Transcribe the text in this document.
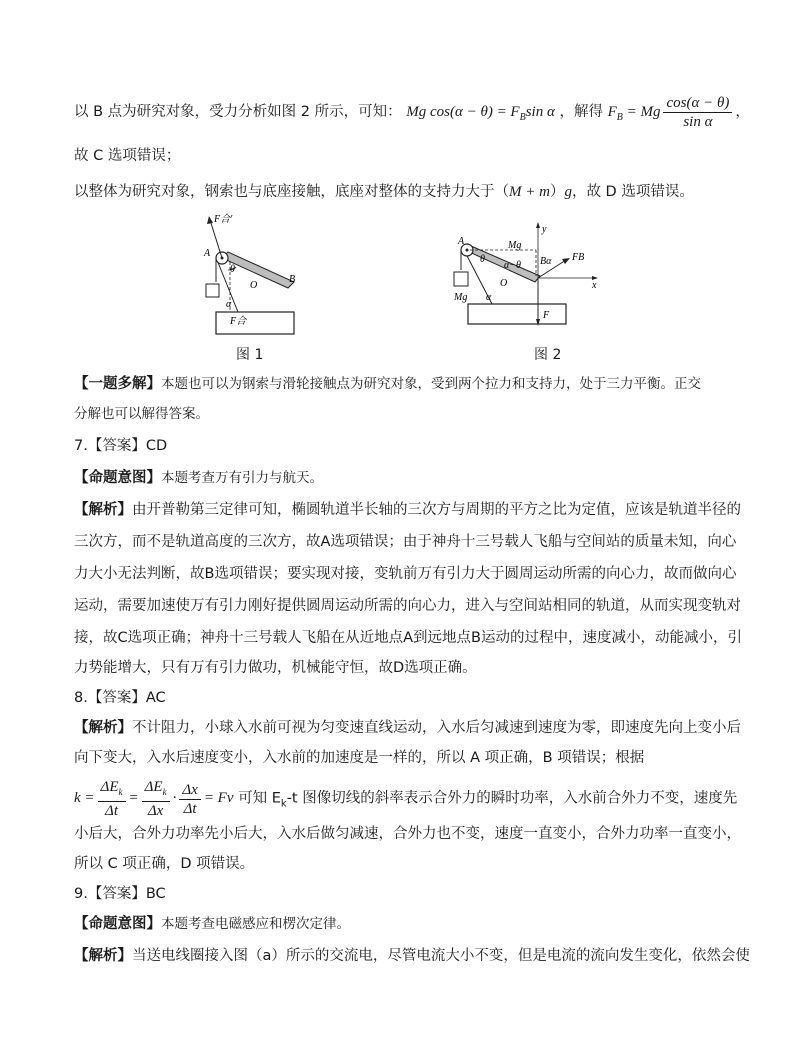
以 B 点为研究对象，受力分析如图 2 所示，可知： Mg $\cos(\alpha - \theta) = F_B\sin$ α ，解得 $F_B = Mg \frac{\cos(\alpha - \theta)}{\text{sin α}}$ ，
故 C 选项错误；
以整体为研究对象，钢索也与底座接触，底座对整体的支持力大于（M + m）g，故 D 选项错误。
F合'
A
θ
α
O
B
F合
图 1
A
θ
Mg
α−θ Bα
y
x
FB
Mg α
O
F
图 2
【一题多解】本题也可以为钢索与滑轮接触点为研究对象，受到两个拉力和支持力，处于三力平衡。正交
分解也可以解得答案。
7.【答案】CD
【命题意图】本题考查万有引力与航天。
【解析】由开普勒第三定律可知，椭圆轨道半长轴的三次方与周期的平方之比为定值，应该是轨道半径的
三次方，而不是轨道高度的三次方，故A选项错误；由于神舟十三号载人飞船与空间站的质量未知，向心
力大小无法判断，故B选项错误；要实现对接，变轨前万有引力大于圆周运动所需的向心力，故而做向心
运动，需要加速使万有引力刚好提供圆周运动所需的向心力，进入与空间站相同的轨道，从而实现变轨对
接，故C选项正确；神舟十三号载人飞船在从近地点A到远地点B运动的过程中，速度减小，动能减小，引
力势能增大，只有万有引力做功，机械能守恒，故D选项正确。
8.【答案】AC
【解析】不计阻力，小球入水前可视为匀变速直线运动，入水后匀减速到速度为零，即速度先向上变小后
向下变大，入水后速度变小，入水前的加速度是一样的，所以 A 项正确，B 项错误；根据
$k = \frac{\Delta E_k}{\Delta t} = \frac{\Delta E_k}{\Delta x} \cdot \frac{\Delta x}{\Delta t} = Fv$ 可知 $E_k-t$ 图像切线的斜率表示合外力的瞬时功率，入水前合外力不变，速度先
小后大，合外力功率先小后大，入水后做匀减速，合外力也不变，速度一直变小，合外力功率一直变小，
所以 C 项正确，D 项错误。
9.【答案】BC
【命题意图】本题考查电磁感应和楞次定律。
【解析】当送电线圈接入图（a）所示的交流电，尽管电流大小不变，但是电流的流向发生变化，依然会使
